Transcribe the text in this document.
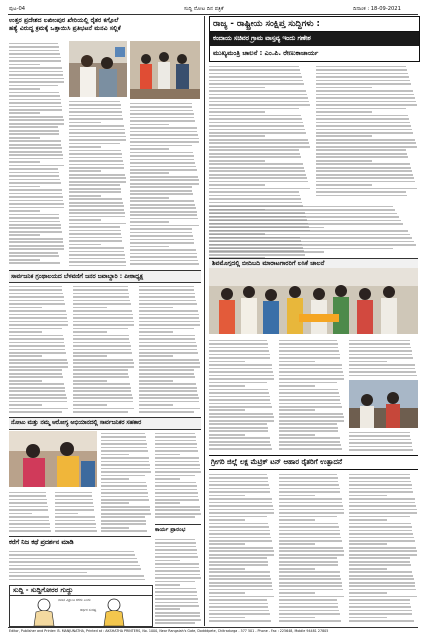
ಪುಟ-04	ಸುದ್ದಿ ನೋಟ ದಿನ ಪತ್ರಿಕೆ	ದಿನಾಂಕ : 18-09-2021
ಉತ್ತರ ಪ್ರದೇಶದ ಲಖೀಂಪುರ ಖೇರಿಯಲ್ಲಿ ರೈತರ ಕಗ್ಗೊಲೆ
ಹತ್ಯೆ ವಿರುದ್ಧ ಕ್ರಮಕ್ಕೆ ಒತ್ತಾಯಿಸಿ ಪ್ರತಿಭಟನೆ ಮನವಿ ಸಲ್ಲಿಕೆ	ರಾಜ್ಯ - ರಾಷ್ಟ್ರೀಯ ಸಂಕ್ಷಿಪ್ತ ಸುದ್ದಿಗಳು :
ಕಂದಾಯ ಸಚಿವರ ಗ್ರಾಮ ವಾಸ್ತವ್ಯ ಇಂದು ಗಣೇಶ
ಮುಖ್ಯಮಂತ್ರಿ ಚಾಲನೆ : ಎಂ.ಪಿ. ರೇಣುಕಾಚಾರ್ಯ
ಶಿವಮೊಗ್ಗದಲ್ಲಿ ಬೀದಿಬದಿ ಮಾರಾಟಗಾರರಿಗೆ ಲಸಿಕೆ ಚಾಲನೆ
ಸಾರ್ವಜನಿಕ ಗ್ರಂಥಾಲಯದ ಬೆಳವಣಿಗೆ ಜನರ ಜವಾಬ್ದಾರಿ : ಪೀಠಾಧ್ಯಕ್ಷ
ನೋಟು ಮತ್ತು ನಮ್ಮ ಆರೋಗ್ಯ ಅಭಿಯಾನದಲ್ಲಿ ಸಾರ್ವಜನಿಕರ ಸಹಕಾರ
ಕರೆಗೆ ನಿಜ ಕಥೆ ಪ್ರದರ್ಶನ ಮಾಡಿ
ಕಾರ್ಯ ಪ್ರಾರಂಭ
ಸುದ್ದಿ - ಸುದ್ದಿಗೋರರ ಗುದ್ದು
ನಾಡಿನ ವಿಶ್ರಾಂತಿ ಕರೆದು ಎಂದು
ಆರ್ಥಿಕ ಸಂಕಷ್ಟ
ಗ್ರೀಗರಿ ಜಿಲ್ಲೆ ಲಕ್ಷ ಮೆಟ್ರಿಕ್ ಟನ್ ಆಹಾರ ರೈತರಿಗೆ ಉತ್ಪಾದನೆ
Editor, Publisher and Printer: B. MANJUNATHA, Printed at : AKSHATHA PRINTERS, No. 1000, Near Rangaiah's Gate, Dodddpete, Chitradurga - 577 501 - Phone - Fax : 225648, Mobile 94481 27805
